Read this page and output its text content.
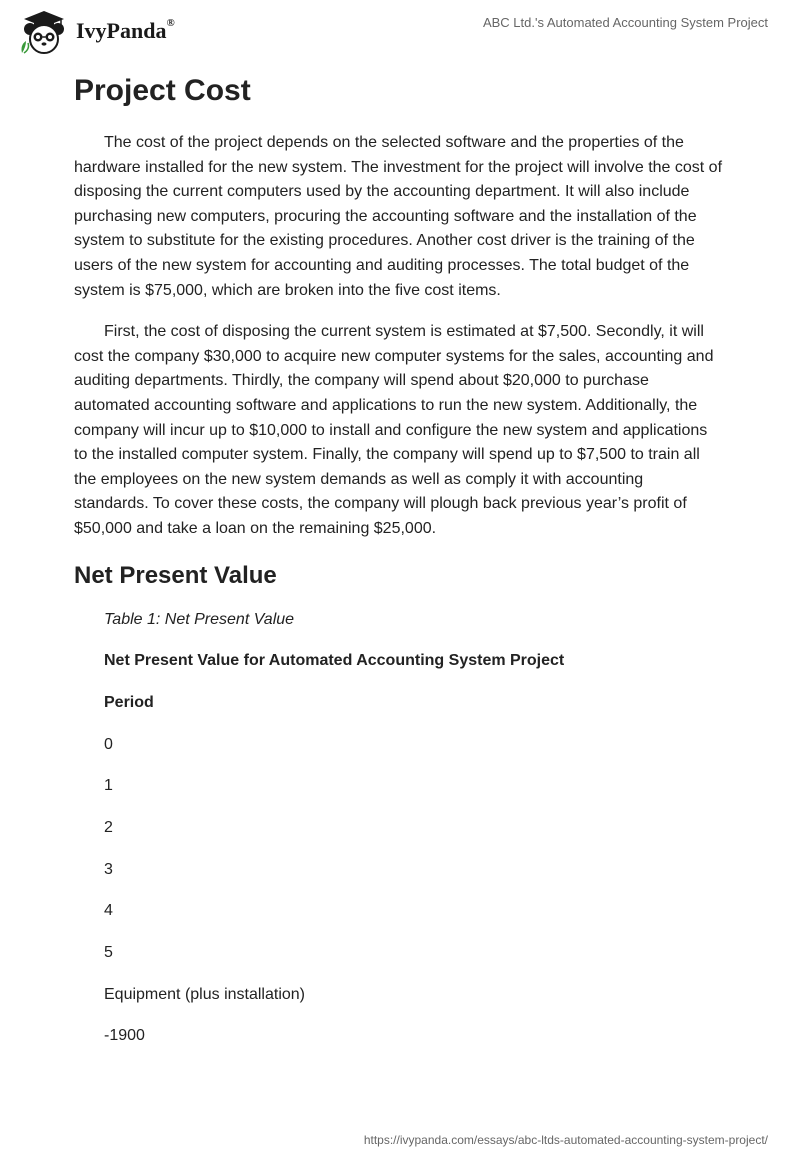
IvyPanda®	ABC Ltd.'s Automated Accounting System Project
Project Cost

The cost of the project depends on the selected software and the properties of the hardware installed for the new system. The investment for the project will involve the cost of disposing the current computers used by the accounting department. It will also include purchasing new computers, procuring the accounting software and the installation of the system to substitute for the existing procedures. Another cost driver is the training of the users of the new system for accounting and auditing processes. The total budget of the system is $75,000, which are broken into the five cost items.

First, the cost of disposing the current system is estimated at $7,500. Secondly, it will cost the company $30,000 to acquire new computer systems for the sales, accounting and auditing departments. Thirdly, the company will spend about $20,000 to purchase automated accounting software and applications to run the new system. Additionally, the company will incur up to $10,000 to install and configure the new system and applications to the installed computer system. Finally, the company will spend up to $7,500 to train all the employees on the new system demands as well as comply it with accounting standards. To cover these costs, the company will plough back previous year’s profit of $50,000 and take a loan on the remaining $25,000.

Net Present Value
Table 1: Net Present Value
Net Present Value for Automated Accounting System Project
Period
0
1
2
3
4
5
Equipment (plus installation)
-1900
https://ivypanda.com/essays/abc-ltds-automated-accounting-system-project/
